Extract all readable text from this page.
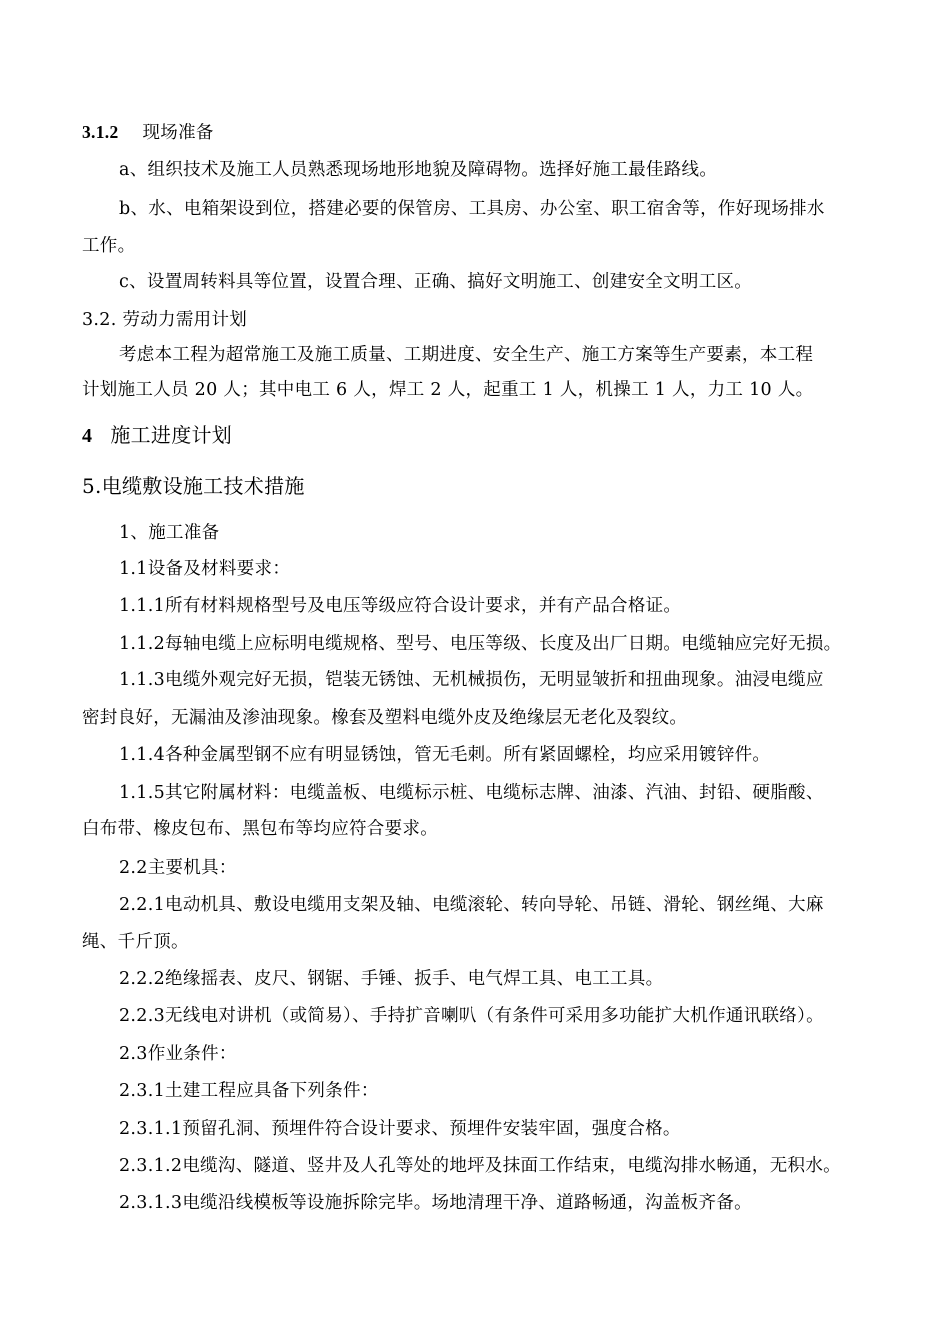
3.1.2 现场准备
a、组织技术及施工人员熟悉现场地形地貌及障碍物。选择好施工最佳路线。
b、水、电箱架设到位，搭建必要的保管房、工具房、办公室、职工宿舍等，作好现场排水
工作。
c、设置周转料具等位置，设置合理、正确、搞好文明施工、创建安全文明工区。
3.2. 劳动力需用计划
考虑本工程为超常施工及施工质量、工期进度、安全生产、施工方案等生产要素，本工程
计划施工人员 20 人；其中电工 6 人，焊工 2 人，起重工 1 人，机操工 1 人，力工 10 人。
4 施工进度计划
5.电缆敷设施工技术措施
1、施工准备
1.1设备及材料要求：
1.1.1所有材料规格型号及电压等级应符合设计要求，并有产品合格证。
1.1.2每轴电缆上应标明电缆规格、型号、电压等级、长度及出厂日期。电缆轴应完好无损。
1.1.3电缆外观完好无损，铠装无锈蚀、无机械损伤，无明显皱折和扭曲现象。油浸电缆应
密封良好，无漏油及渗油现象。橡套及塑料电缆外皮及绝缘层无老化及裂纹。
1.1.4各种金属型钢不应有明显锈蚀，管无毛刺。所有紧固螺栓，均应采用镀锌件。
1.1.5其它附属材料：电缆盖板、电缆标示桩、电缆标志牌、油漆、汽油、封铅、硬脂酸、
白布带、橡皮包布、黑包布等均应符合要求。
2.2主要机具：
2.2.1电动机具、敷设电缆用支架及轴、电缆滚轮、转向导轮、吊链、滑轮、钢丝绳、大麻
绳、千斤顶。
2.2.2绝缘摇表、皮尺、钢锯、手锤、扳手、电气焊工具、电工工具。
2.2.3无线电对讲机（或简易）、手持扩音喇叭（有条件可采用多功能扩大机作通讯联络）。
2.3作业条件：
2.3.1土建工程应具备下列条件：
2.3.1.1预留孔洞、预埋件符合设计要求、预埋件安装牢固，强度合格。
2.3.1.2电缆沟、隧道、竖井及人孔等处的地坪及抹面工作结束，电缆沟排水畅通，无积水。
2.3.1.3电缆沿线模板等设施拆除完毕。场地清理干净、道路畅通，沟盖板齐备。
